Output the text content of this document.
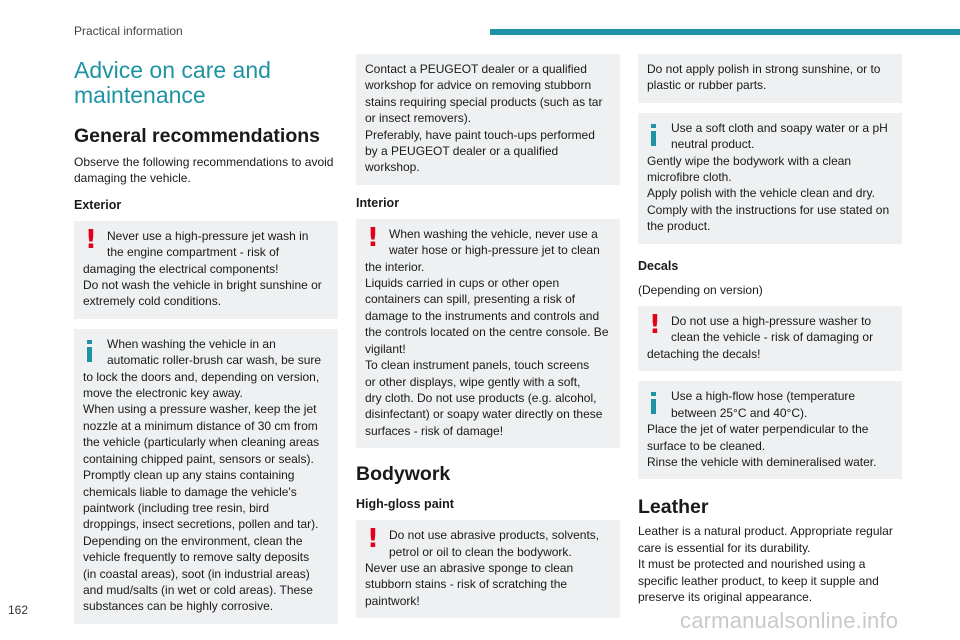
Practical information
Advice on care and
maintenance
General recommendations
Observe the following recommendations to avoid
damaging the vehicle.
Exterior
! Never use a high-pressure jet wash in
the engine compartment - risk of
damaging the electrical components!
Do not wash the vehicle in bright sunshine or
extremely cold conditions.
When washing the vehicle in an
automatic roller-brush car wash, be sure
to lock the doors and, depending on version,
move the electronic key away.
When using a pressure washer, keep the jet
nozzle at a minimum distance of 30 cm from
the vehicle (particularly when cleaning areas
containing chipped paint, sensors or seals).
Promptly clean up any stains containing
chemicals liable to damage the vehicle's
paintwork (including tree resin, bird
droppings, insect secretions, pollen and tar).
Depending on the environment, clean the
vehicle frequently to remove salty deposits
(in coastal areas), soot (in industrial areas)
and mud/salts (in wet or cold areas). These
substances can be highly corrosive.
Contact a PEUGEOT dealer or a qualified
workshop for advice on removing stubborn
stains requiring special products (such as tar
or insect removers).
Preferably, have paint touch-ups performed
by a PEUGEOT dealer or a qualified
workshop.
Interior
! When washing the vehicle, never use a
water hose or high-pressure jet to clean
the interior.
Liquids carried in cups or other open
containers can spill, presenting a risk of
damage to the instruments and controls and
the controls located on the centre console. Be
vigilant!
To clean instrument panels, touch screens
or other displays, wipe gently with a soft,
dry cloth. Do not use products (e.g. alcohol,
disinfectant) or soapy water directly on these
surfaces - risk of damage!
Bodywork
High-gloss paint
! Do not use abrasive products, solvents,
petrol or oil to clean the bodywork.
Never use an abrasive sponge to clean
stubborn stains - risk of scratching the
paintwork!
Do not apply polish in strong sunshine, or to
plastic or rubber parts.
Use a soft cloth and soapy water or a pH
neutral product.
Gently wipe the bodywork with a clean
microfibre cloth.
Apply polish with the vehicle clean and dry.
Comply with the instructions for use stated on
the product.
Decals
(Depending on version)
! Do not use a high-pressure washer to
clean the vehicle - risk of damaging or
detaching the decals!
Use a high-flow hose (temperature
between 25°C and 40°C).
Place the jet of water perpendicular to the
surface to be cleaned.
Rinse the vehicle with demineralised water.
Leather
Leather is a natural product. Appropriate regular
care is essential for its durability.
It must be protected and nourished using a
specific leather product, to keep it supple and
preserve its original appearance.
162	carmanualsonline.info
